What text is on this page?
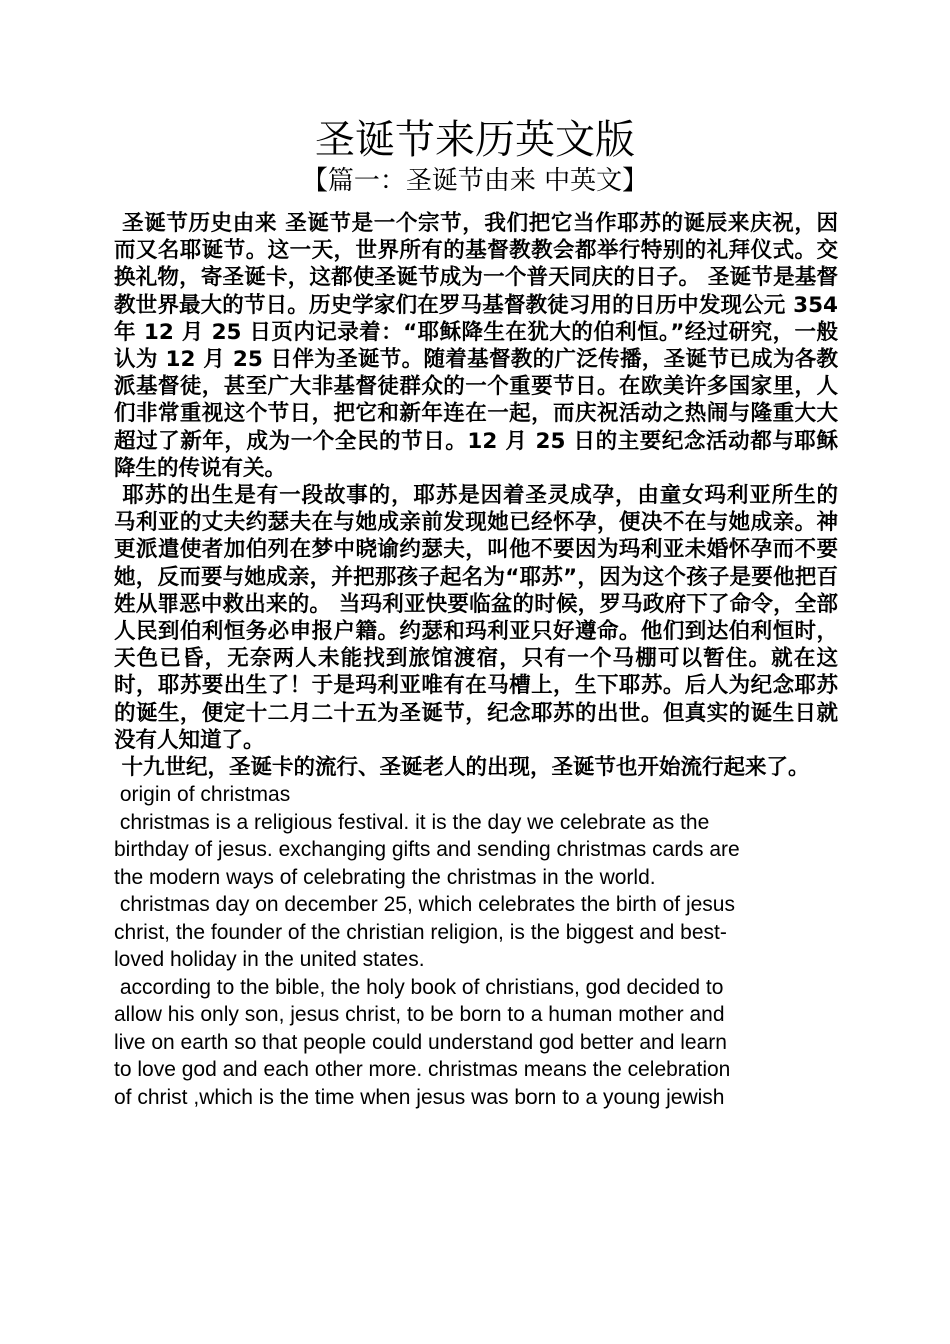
圣诞节来历英文版
【篇一：圣诞节由来 中英文】

圣诞节历史由来 圣诞节是一个宗节，我们把它当作耶苏的诞辰来庆祝，因而又名耶诞节。这一天，世界所有的基督教教会都举行特别的礼拜仪式。交换礼物，寄圣诞卡，这都使圣诞节成为一个普天同庆的日子。 圣诞节是基督教世界最大的节日。历史学家们在罗马基督教徒习用的日历中发现公元 354 年 12 月 25 日页内记录着：“耶稣降生在犹大的伯利恒。”经过研究，一般认为 12 月 25 日伴为圣诞节。随着基督教的广泛传播，圣诞节已成为各教派基督徒，甚至广大非基督徒群众的一个重要节日。在欧美许多国家里，人们非常重视这个节日，把它和新年连在一起，而庆祝活动之热闹与隆重大大超过了新年，成为一个全民的节日。12 月 25 日的主要纪念活动都与耶稣降生的传说有关。

耶苏的出生是有一段故事的，耶苏是因着圣灵成孕，由童女玛利亚所生的 马利亚的丈夫约瑟夫在与她成亲前发现她已经怀孕，便决不在与她成亲。神更派遣使者加伯列在梦中晓谕约瑟夫，叫他不要因为玛利亚未婚怀孕而不要她，反而要与她成亲，并把那孩子起名为“耶苏”，因为这个孩子是要他把百姓从罪恶中救出来的。 当玛利亚快要临盆的时候，罗马政府下了命令，全部人民到伯利恒务必申报户籍。约瑟和玛利亚只好遵命。他们到达伯利恒时，天色已昏，无奈两人未能找到旅馆渡宿，只有一个马棚可以暂住。就在这时，耶苏要出生了！于是玛利亚唯有在马槽上，生下耶苏。后人为纪念耶苏的诞生，便定十二月二十五为圣诞节，纪念耶苏的出世。但真实的诞生日就没有人知道了。

十九世纪，圣诞卡的流行、圣诞老人的出现，圣诞节也开始流行起来了。

origin of christmas

christmas is a religious festival. it is the day we celebrate as the
birthday of jesus. exchanging gifts and sending christmas cards are
the modern ways of celebrating the christmas in the world.

christmas day on december 25, which celebrates the birth of jesus
christ, the founder of the christian religion, is the biggest and best-
loved holiday in the united states.

according to the bible, the holy book of christians, god decided to
allow his only son, jesus christ, to be born to a human mother and
live on earth so that people could understand god better and learn
to love god and each other more. christmas means the celebration
of christ ,which is the time when jesus was born to a young jewish
